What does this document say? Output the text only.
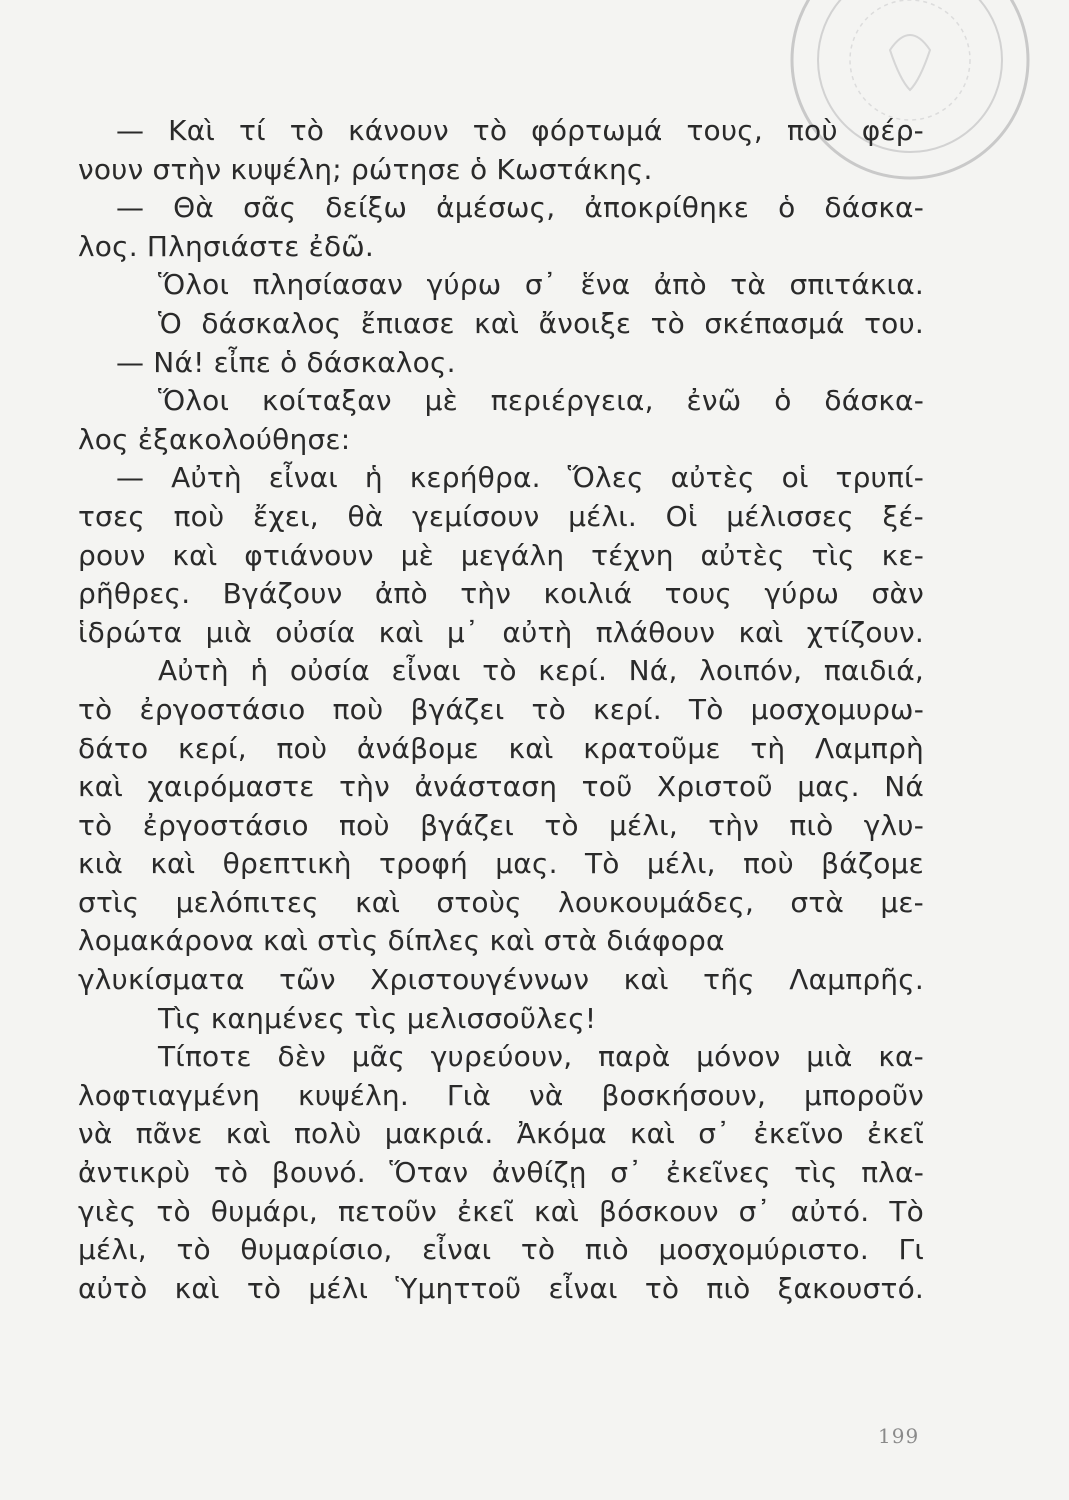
— Καὶ τί τὸ κάνουν τὸ φόρτωμά τους, ποὺ φέρ-
νουν στὴν κυψέλη; ρώτησε ὁ Κωστάκης.
— Θὰ σᾶς δείξω ἀμέσως, ἀποκρίθηκε ὁ δάσκα-
λος. Πλησιάστε ἐδῶ.
Ὅλοι πλησίασαν γύρω σ᾿ ἕνα ἀπὸ τὰ σπιτάκια.
Ὁ δάσκαλος ἔπιασε καὶ ἄνοιξε τὸ σκέπασμά του.
— Νά! εἶπε ὁ δάσκαλος.
Ὅλοι κοίταξαν μὲ περιέργεια, ἐνῶ ὁ δάσκα-
λος ἐξακολούθησε:
— Αὐτὴ εἶναι ἡ κερήθρα. Ὅλες αὐτὲς οἱ τρυπί-
τσες ποὺ ἔχει, θὰ γεμίσουν μέλι. Οἱ μέλισσες ξέ-
ρουν καὶ φτιάνουν μὲ μεγάλη τέχνη αὐτὲς τὶς κε-
ρῆθρες. Βγάζουν ἀπὸ τὴν κοιλιά τους γύρω σὰν
ἱδρώτα μιὰ οὐσία καὶ μ᾿ αὐτὴ πλάθουν καὶ χτίζουν.
Αὐτὴ ἡ οὐσία εἶναι τὸ κερί. Νά, λοιπόν, παιδιά,
τὸ ἐργοστάσιο ποὺ βγάζει τὸ κερί. Τὸ μοσχομυρω-
δάτο κερί, ποὺ ἀνάβομε καὶ κρατοῦμε τὴ Λαμπρὴ
καὶ χαιρόμαστε τὴν ἀνάσταση τοῦ Χριστοῦ μας. Νά
τὸ ἐργοστάσιο ποὺ βγάζει τὸ μέλι, τὴν πιὸ γλυ-
κιὰ καὶ θρεπτικὴ τροφή μας. Τὸ μέλι, ποὺ βάζομε
στὶς μελόπιτες καὶ στοὺς λουκουμάδες, στὰ με-
λομακάρονα καὶ στὶς δίπλες καὶ στὰ διάφορα
γλυκίσματα τῶν Χριστουγέννων καὶ τῆς Λαμπρῆς.
Τὶς καημένες τὶς μελισσοῦλες!
Τίποτε δὲν μᾶς γυρεύουν, παρὰ μόνον μιὰ κα-
λοφτιαγμένη κυψέλη. Γιὰ νὰ βοσκήσουν, μποροῦν
νὰ πᾶνε καὶ πολὺ μακριά. Ἀκόμα καὶ σ᾿ ἐκεῖνο ἐκεῖ
ἀντικρὺ τὸ βουνό. Ὅταν ἀνθίζῃ σ᾿ ἐκεῖνες τὶς πλα-
γιὲς τὸ θυμάρι, πετοῦν ἐκεῖ καὶ βόσκουν σ᾿ αὐτό. Τὸ
μέλι, τὸ θυμαρίσιο, εἶναι τὸ πιὸ μοσχομύριστο. Γι
αὐτὸ καὶ τὸ μέλι Ὑμηττοῦ εἶναι τὸ πιὸ ξακουστό.
199
